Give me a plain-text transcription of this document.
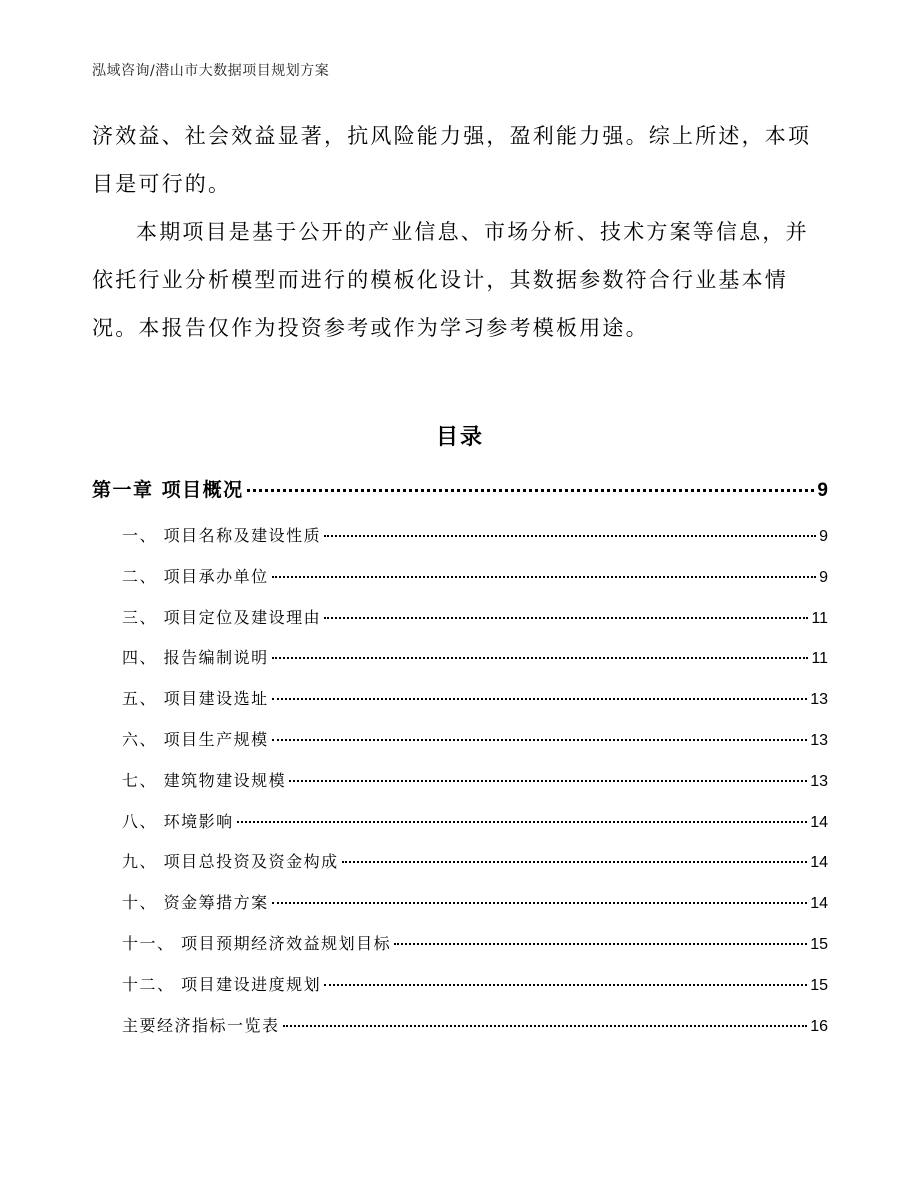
泓域咨询/潜山市大数据项目规划方案

济效益、社会效益显著，抗风险能力强，盈利能力强。综上所述，本项目是可行的。

本期项目是基于公开的产业信息、市场分析、技术方案等信息，并依托行业分析模型而进行的模板化设计，其数据参数符合行业基本情况。本报告仅作为投资参考或作为学习参考模板用途。

目录
第一章 项目概况	9
一、 项目名称及建设性质	9
二、 项目承办单位	9
三、 项目定位及建设理由	11
四、 报告编制说明	11
五、 项目建设选址	13
六、 项目生产规模	13
七、 建筑物建设规模	13
八、 环境影响	14
九、 项目总投资及资金构成	14
十、 资金筹措方案	14
十一、 项目预期经济效益规划目标	15
十二、 项目建设进度规划	15
主要经济指标一览表	16
